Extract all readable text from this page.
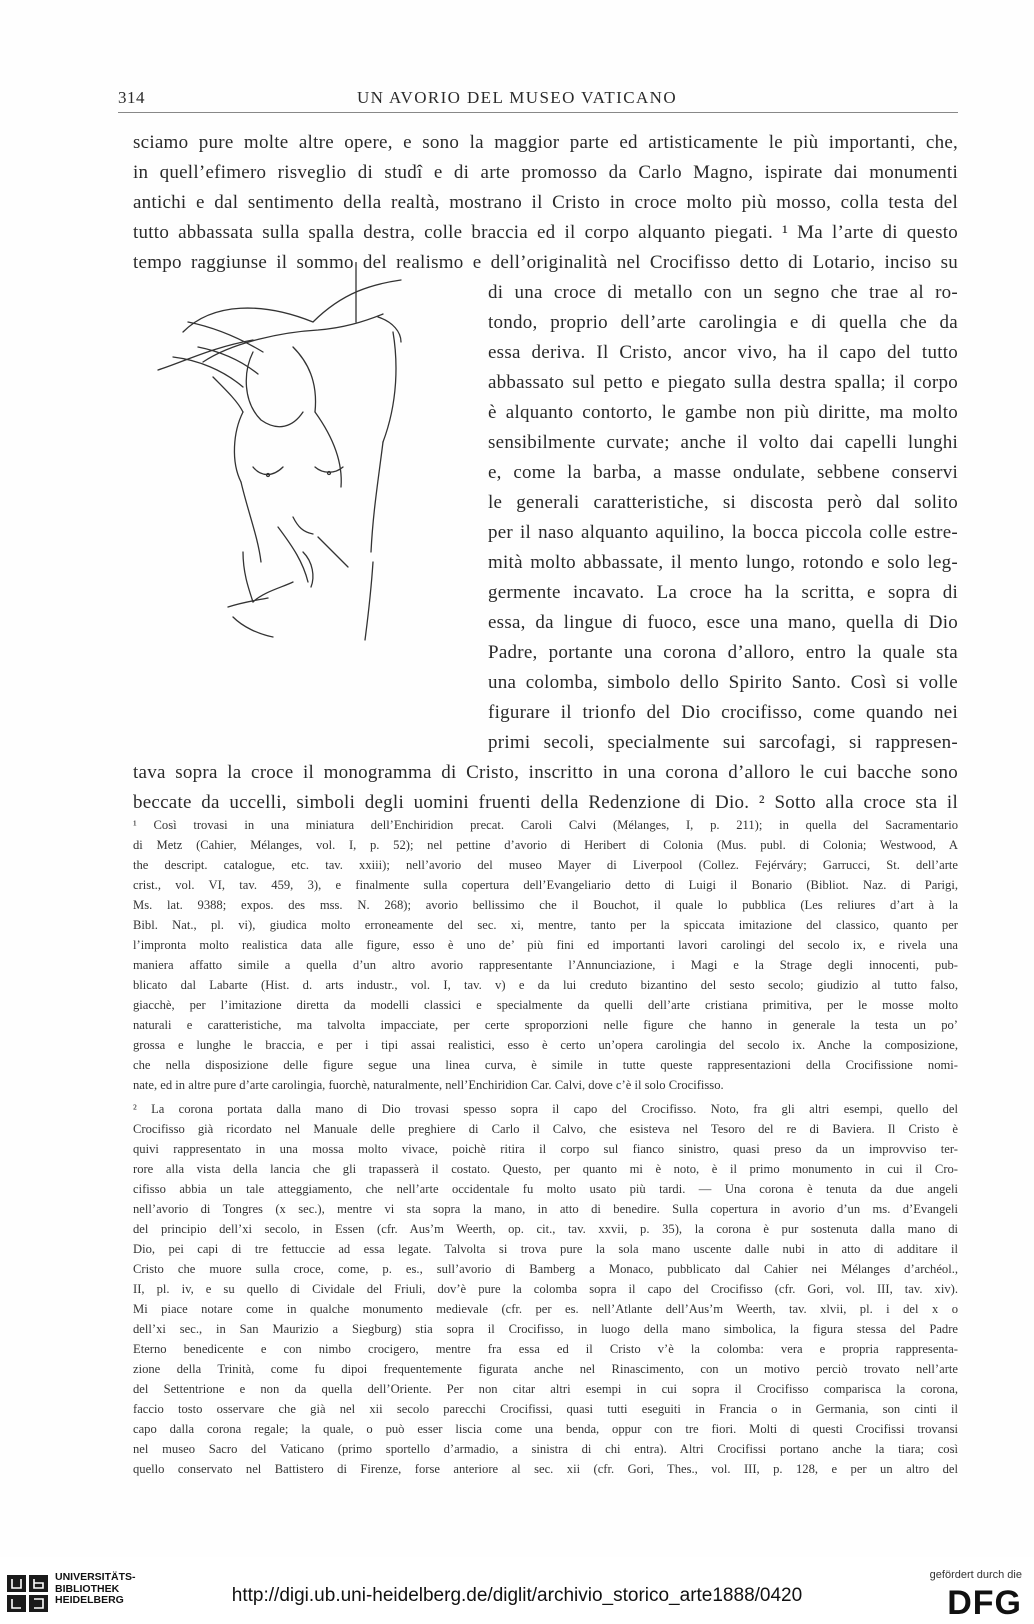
314	UN AVORIO DEL MUSEO VATICANO
sciamo pure molte altre opere, e sono la maggior parte ed artisticamente le più importanti, che,
in quell’efimero risveglio di studî e di arte promosso da Carlo Magno, ispirate dai monumenti
antichi e dal sentimento della realtà, mostrano il Cristo in croce molto più mosso, colla testa del
tutto abbassata sulla spalla destra, colle braccia ed il corpo alquanto piegati. ¹ Ma l’arte di questo
tempo raggiunse il sommo del realismo e dell’originalità nel Crocifisso detto di Lotario, inciso su
di una croce di metallo con un segno che trae al ro-
tondo, proprio dell’arte carolingia e di quella che da
essa deriva. Il Cristo, ancor vivo, ha il capo del tutto
abbassato sul petto e piegato sulla destra spalla; il corpo
è alquanto contorto, le gambe non più diritte, ma molto
sensibilmente curvate; anche il volto dai capelli lunghi
e, come la barba, a masse ondulate, sebbene conservi
le generali caratteristiche, si discosta però dal solito
per il naso alquanto aquilino, la bocca piccola colle estre-
mità molto abbassate, il mento lungo, rotondo e solo leg-
germente incavato. La croce ha la scritta, e sopra di
essa, da lingue di fuoco, esce una mano, quella di Dio
Padre, portante una corona d’alloro, entro la quale sta
una colomba, simbolo dello Spirito Santo. Così si volle
figurare il trionfo del Dio crocifisso, come quando nei
primi secoli, specialmente sui sarcofagi, si rappresen-
tava sopra la croce il monogramma di Cristo, inscritto in una corona d’alloro le cui bacche sono
beccate da uccelli, simboli degli uomini fruenti della Redenzione di Dio. ² Sotto alla croce sta il
¹ Così trovasi in una miniatura dell’Enchiridion precat. Caroli Calvi (Mélanges, I, p. 211); in quella del Sacramentario
di Metz (Cahier, Mélanges, vol. I, p. 52); nel pettine d’avorio di Heribert di Colonia (Mus. publ. di Colonia; Westwood, A
the descript. catalogue, etc. tav. xxiii); nell’avorio del museo Mayer di Liverpool (Collez. Fejérváry; Garrucci, St. dell’arte
crist., vol. VI, tav. 459, 3), e finalmente sulla copertura dell’Evangeliario detto di Luigi il Bonario (Bibliot. Naz. di Parigi,
Ms. lat. 9388; expos. des mss. N. 268); avorio bellissimo che il Bouchot, il quale lo pubblica (Les reliures d’art à la
Bibl. Nat., pl. vi), giudica molto erroneamente del sec. xi, mentre, tanto per la spiccata imitazione del classico, quanto per
l’impronta molto realistica data alle figure, esso è uno de’ più fini ed importanti lavori carolingi del secolo ix, e rivela una
maniera affatto simile a quella d’un altro avorio rappresentante l’Annunciazione, i Magi e la Strage degli innocenti, pub-
blicato dal Labarte (Hist. d. arts industr., vol. I, tav. v) e da lui creduto bizantino del sesto secolo; giudizio al tutto falso,
giacchè, per l’imitazione diretta da modelli classici e specialmente da quelli dell’arte cristiana primitiva, per le mosse molto
naturali e caratteristiche, ma talvolta impacciate, per certe sproporzioni nelle figure che hanno in generale la testa un po’
grossa e lunghe le braccia, e per i tipi assai realistici, esso è certo un’opera carolingia del secolo ix. Anche la composizione,
che nella disposizione delle figure segue una linea curva, è simile in tutte queste rappresentazioni della Crocifissione nomi-
nate, ed in altre pure d’arte carolingia, fuorchè, naturalmente, nell’Enchiridion Car. Calvi, dove c’è il solo Crocifisso.
² La corona portata dalla mano di Dio trovasi spesso sopra il capo del Crocifisso. Noto, fra gli altri esempi, quello del
Crocifisso già ricordato nel Manuale delle preghiere di Carlo il Calvo, che esisteva nel Tesoro del re di Baviera. Il Cristo è
quivi rappresentato in una mossa molto vivace, poichè ritira il corpo sul fianco sinistro, quasi preso da un improvviso ter-
rore alla vista della lancia che gli trapasserà il costato. Questo, per quanto mi è noto, è il primo monumento in cui il Cro-
cifisso abbia un tale atteggiamento, che nell’arte occidentale fu molto usato più tardi. — Una corona è tenuta da due angeli
nell’avorio di Tongres (x sec.), mentre vi sta sopra la mano, in atto di benedire. Sulla copertura in avorio d’un ms. d’Evangeli
del principio dell’xi secolo, in Essen (cfr. Aus’m Weerth, op. cit., tav. xxvii, p. 35), la corona è pur sostenuta dalla mano di
Dio, pei capi di tre fettuccie ad essa legate. Talvolta si trova pure la sola mano uscente dalle nubi in atto di additare il
Cristo che muore sulla croce, come, p. es., sull’avorio di Bamberg a Monaco, pubblicato dal Cahier nei Mélanges d’archéol.,
II, pl. iv, e su quello di Cividale del Friuli, dov’è pure la colomba sopra il capo del Crocifisso (cfr. Gori, vol. III, tav. xiv).
Mi piace notare come in qualche monumento medievale (cfr. per es. nell’Atlante dell’Aus’m Weerth, tav. xlvii, pl. i del x o
dell’xi sec., in San Maurizio a Siegburg) stia sopra il Crocifisso, in luogo della mano simbolica, la figura stessa del Padre
Eterno benedicente e con nimbo crocigero, mentre fra essa ed il Cristo v’è la colomba: vera e propria rappresenta-
zione della Trinità, come fu dipoi frequentemente figurata anche nel Rinascimento, con un motivo perciò trovato nell’arte
del Settentrione e non da quella dell’Oriente. Per non citar altri esempi in cui sopra il Crocifisso comparisca la corona,
faccio tosto osservare che già nel xii secolo parecchi Crocifissi, quasi tutti eseguiti in Francia o in Germania, son cinti il
capo dalla corona regale; la quale, o può esser liscia come una benda, oppur con tre fiori. Molti di questi Crocifissi trovansi
nel museo Sacro del Vaticano (primo sportello d’armadio, a sinistra di chi entra). Altri Crocifissi portano anche la tiara; così
quello conservato nel Battistero di Firenze, forse anteriore al sec. xii (cfr. Gori, Thes., vol. III, p. 128, e per un altro del
UNIVERSITÄTS-
BIBLIOTHEK
HEIDELBERG	http://digi.ub.uni-heidelberg.de/diglit/archivio_storico_arte1888/0420
gefördert durch die
DFG
